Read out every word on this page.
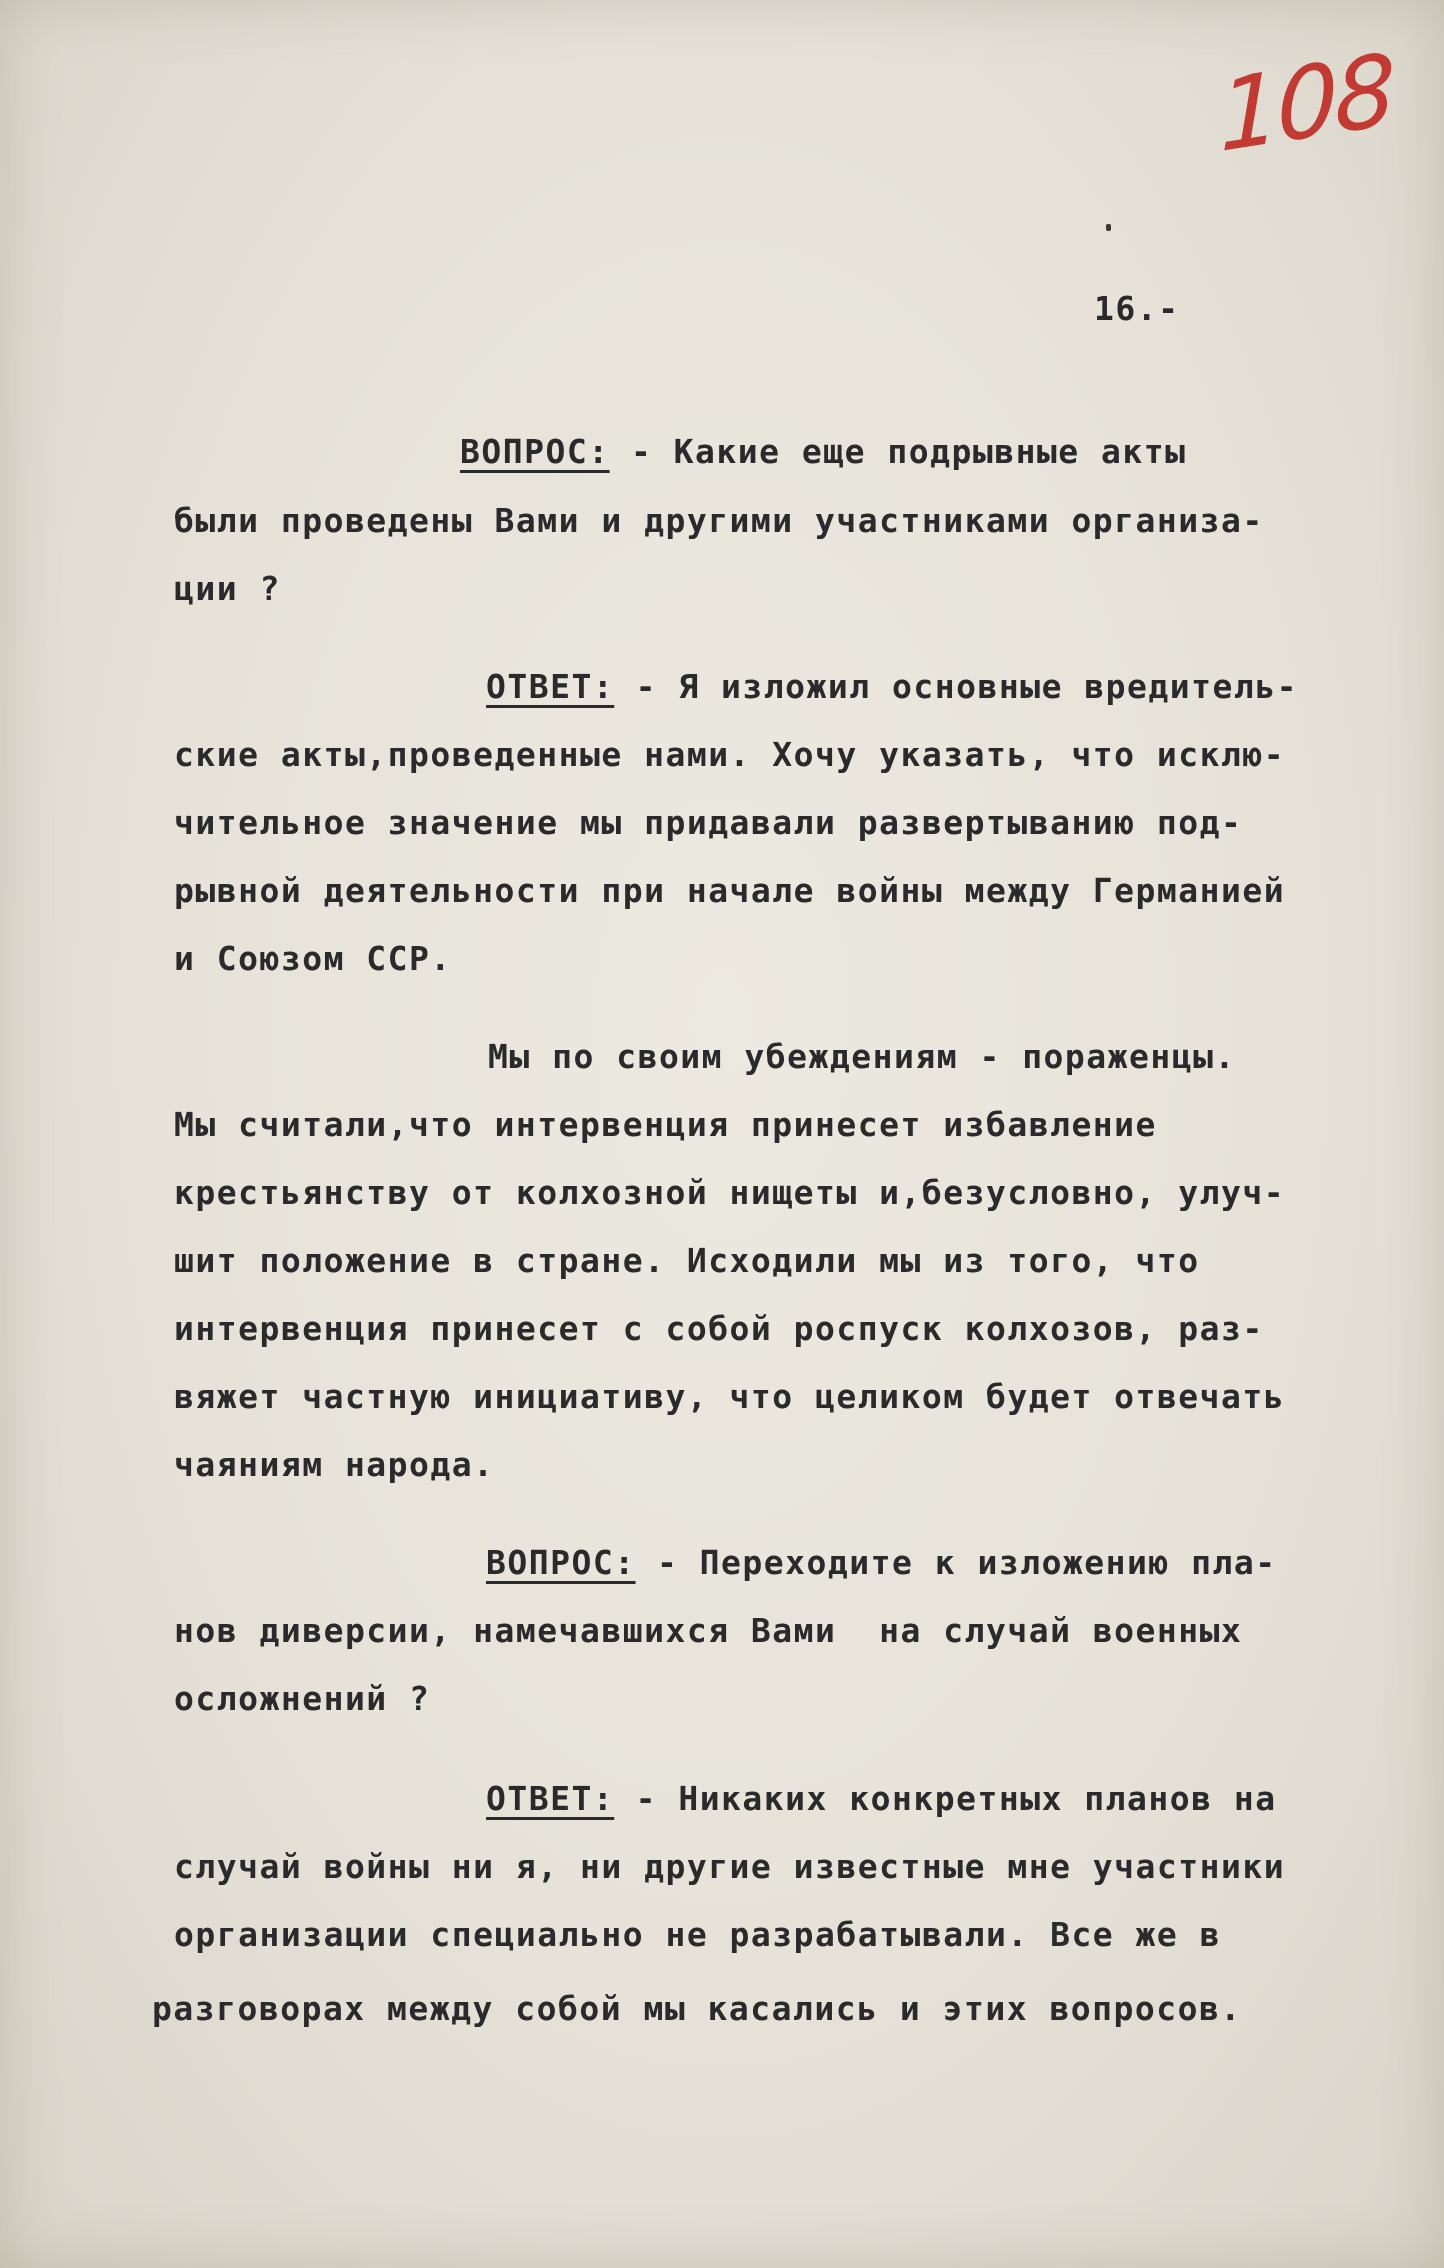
108
16.-
ВОПРОС: - Какие еще подрывные акты
были проведены Вами и другими участниками организа-
ции ?
ОТВЕТ: - Я изложил основные вредитель-
ские акты,проведенные нами. Хочу указать, что исклю-
чительное значение мы придавали развертыванию под-
рывной деятельности при начале войны между Германией
и Союзом ССР.
Мы по своим убеждениям - пораженцы.
Мы считали,что интервенция принесет избавление
крестьянству от колхозной нищеты и,безусловно, улуч-
шит положение в стране. Исходили мы из того, что
интервенция принесет с собой роспуск колхозов, раз-
вяжет частную инициативу, что целиком будет отвечать
чаяниям народа.
ВОПРОС: - Переходите к изложению пла-
нов диверсии, намечавшихся Вами  на случай военных
осложнений ?
ОТВЕТ: - Никаких конкретных планов на
случай войны ни я, ни другие известные мне участники
организации специально не разрабатывали. Все же в
разговорах между собой мы касались и этих вопросов.
